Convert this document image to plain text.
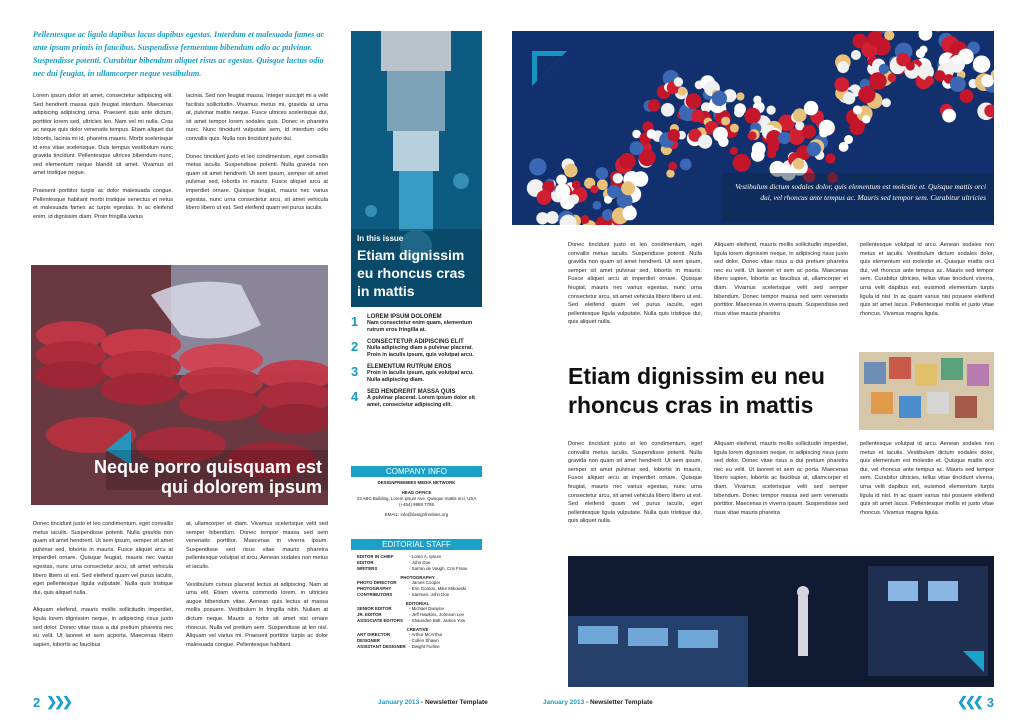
Pellentesque ac ligula dapibus lacus dapibus egestas. Interdum et malesuada fames ac ante ipsum primis in faucibus. Suspendisse fermentum bibendum odio ac pulvinar. Suspendisse potenti. Curabitur bibendum aliquet risus ac egestas. Quisque luctus odio nec dui feugiat, in ullamcorper neque vestibulum.

Lorem ipsum dolor sit amet, consectetur adipiscing elit. Sed hendrerit massa quis feugiat interdum. Maecenas adipiscing adipiscing urna. Praesent quis ante dictum, porttitor lorem sed, ultricies leo. Nam vel mi nulla. Cras ac neque quis dolor venenatis tempus. Etiam aliquet dui lobortis, lacinia mi id, pharetra mauris. Morbi scelerisque id eros vitae scelerisque. Duis tempus vestibulum nunc gravida tincidunt. Pellentesque ultrices bibendum nunc, sed elementum neque blandit sit amet. Vivamus sit amet tristique neque.

Praesent porttitor turpis ac dolor malesuada congue. Pellentesque habitant morbi tristique senectus et netus et malesuada fames ac turpis egestas. In ac eleifend enim, id dignissim diam. Proin fringilla varius

lacinia. Sed non feugiat massa. Integer suscipit mi a velit facilisis sollicitudin. Vivamus metus mi, gravida at urna at, pulvinar mattis neque. Fusce ultrices scelerisque dui, sit amet tempor lorem sodales quis. Donec in pharetra nunc. Nunc tincidunt vulputate sem, id interdum odio convallis quis. Nulla non tincidunt justo dui.

Donec tincidunt justo et leo condimentum, eget convallis metus iaculis. Suspendisse potenti. Nulla gravida non quam sit amet hendrerit. Ut sem ipsum, semper sit amet pulvinar sed, lobortis in mauris. Fusce aliquet arcu at imperdiet ornare. Quisque feugiat, mauris nec varius egestas, nunc urna consectetur arcu, sit amet vehicula libero libero ut est. Sed eleifend quam vel purus iaculis.

Neque porro quisquam est qui dolorem ipsum

Donec tincidunt justo et leo condimentum, eget convallis metus iaculis. Suspendisse potenti. Nulla gravida non quam sit amet hendrerit. Ut sem ipsum, semper sit amet pulvinar sed, lobortis in mauris. Fusce aliquet arcu at imperdiet ornare. Quisque feugiat, mauris nec varius egestas, nunc urna consectetur arcu, sit amet vehicula libero libero ut est. Sed eleifend quam vel purus iaculis, eget pellentesque ligula vulputate. Nulla quis tristique dui, quis aliquet nulla.

Aliquam eleifend, mauris mollis sollicitudin imperdiet, ligula lorem dignissim neque, in adipiscing risus justo sed dolor. Donec vitae risus a dui pretium pharetra nec eu velit. Ut laoreet et sem acporta. Maecenas libero sapien, lobortis ac faucibus

at, ullamcorper et diam. Vivamus scelerisque velit sed semper bibendum. Donec tempor massa sed sem venenatis porttitor. Maecenas in viverra ipsum. Suspendisse sed risus vitae mauris pharetra pellentesque volutpat id arcu. Aenean sodales non metus et iaculis.

Vestibulum cursus placerat lectus at adipiscing. Nam at uma elit. Etiam viverra commodo lorem, in ultricies augue bibendum vitae. Aenean quis lectus at massa mollis posuere. Vestibulum in fringilla nibh. Nullam at dictum neque. Mauris a tortor sit amet nisi ornare rhoncus. Nulla vel pretium sem. Suspendisse at leo nisl. Aliquam vel varius mi. Praesent porttitor turpis ac dolor malesuada congue. Pellentesque habitant.

In this issue
Etiam dignissim eu rhoncus cras in mattis
1	LOREM IPSUM DOLOREM
Nam consectetur enim quam, elementum rutrum eros fringilla at.
2	CONSECTETUR ADIPISCING ELIT
Nulla adipiscing diam a pulvinar placerat. Proin in iaculis ipsum, quis volutpat arcu.
3	ELEMENTUM RUTRUM EROS
Proin in iaculis ipsum, quis volutpat arcu. Nulla adipiscing diam.
4	SED HENDRERIT MASSA QUIS
A pulvinar placerat. Lorem ipsum dolor sit amet, consectetur adipiscing elit.
COMPANY INFO
DESIGNFREEBIES MEDIA NETWORK
HEAD OFFICE
23 ABC Building, Lorem ipsum Ave, Quisque mattis orci, USA (+454) 9988 7788
EMAIL: info@designfreebies.org
EDITORIAL STAFF
EDITOR IN CHIEF	- Loren A. Ipsum
EDITOR	- John Doe
WRITERS	- Sarran de Vaugh, Cris Frane
PHOTOGRAPHY
PHOTO DIRECTOR	- James Cooper
PHOTOGRAPHY	- Erin Gordon, Mike Mikowski
CONTRIBUTORS	- Sariman, John Doe
EDITORIAL
SENIOR EDITOR	- Michael Dwayne
JR. EDITOR	- Jeff Hawkins, Johnson Lee
ASSOCIATE EDITORS	- Shaundee Balt, James Yow
CREATIVE
ART DIRECTOR	- Arthur McArthur
DESIGNER	- Collen Shawn
ASSISTANT DESIGNER - Dwight Furline
Vestibulum dictum sodales dolor, quis elementum est molestie et. Quisque mattis orci dui, vel rhoncus ante tempus ac. Mauris sed tempor sem. Curabitur ultricies

Donec tincidunt justo et leo condimentum, eget convallis metus iaculis. Suspendisse potenti. Nulla gravida non quam sit amet hendrerit. Ut sem ipsum, semper sit amet pulvinar sed, lobortis in mauris. Fusce aliquet arcu at imperdiet ornare. Quisque feugiat, mauris nec varius egestas, nunc urna consectetur arcu, sit amet vehicula libero libero ut est. Sed eleifend quam vel purus iaculis, eget pellentesque ligula vulputate. Nulla quis tristique dui, quis aliquet nulla.

Aliquam eleifend, mauris mollis sollicitudin imperdiet, ligula lorem dignissim neque, in adipiscing risus justo sed dolor. Donec vitae risus a dui pretium pharetra nec eu velit. Ut laoreet et sem ac porta. Maecenas libero sapien, lobortis ac faucibus at, ullamcorper et diam. Vivamus scelerisque velit sed semper bibendum. Donec tempor massa sed sem venenatis porttitor. Maecenas in viverra ipsum. Suspendisse sed risus vitae mauris pharetra

pellentesque volutpat id arcu. Aenean sodales non metus et iaculis. Vestibulum dictum sodales dolor, quis elementum est molestie et. Quisque mattis orci dui, vel rhoncus ante tempus ac. Mauris sed tempor sem. Curabitur ultricies, tellus vitae tincidunt viverra, urna velit dapibus est, euismod elementum turpis ligula id nisl. In ac quam varius nisi posuere eleifend quis sit amet lacus. Pellentesque mollis et justo vitae rhoncus. Vivamus magna ligula.

Etiam dignissim eu neu rhoncus cras in mattis

Donec tincidunt justo et leo condimentum, eget convallis metus iaculis. Suspendisse potenti. Nulla gravida non quam sit amet hendrerit. Ut sem ipsum, semper sit amet pulvinar sed, lobortis in mauris. Fusce aliquet arcu at imperdiet ornare. Quisque feugiat, mauris nec varius egestas, nunc urna consectetur arcu, sit amet vehicula libero libero ut est. Sed eleifend quam vel purus iaculis, eget pellentesque ligula vulputate. Nulla quis tristique dui, quis aliquet nulla.

Aliquam eleifend, mauris mollis sollicitudin imperdiet, ligula lorem dignissim neque, in adipiscing risus justo sed dolor. Donec vitae risus a dui pretium pharetra nec eu velit. Ut laoreet et sem ac porta. Maecenas libero sapien, lobortis ac faucibus at, ullamcorper et diam. Vivamus scelerisque velit sed semper bibendum. Donec tempor massa sed sem venenatis porttitor. Maecenas in viverra ipsum. Suspendisse sed risus vitae mauris pharetra

pellentesque volutpat id arcu. Aenean sodales non metus et iaculis. Vestibulum dictum sodales dolor, quis elementum est molestie et. Quisque mattis orci dui, vel rhoncus ante tempus ac. Mauris sed tempor sem. Curabitur ultricies, tellus vitae tincidunt viverra, urna velit dapibus est, euismod elementum turpis ligula id nisl. In ac quam varius nisi posuere eleifend quis sit amet lacus. Pellentesque mollis et justo vitae rhoncus. Vivamus magna ligula.

2 ❯❯❯	January 2013 - Newsletter Template	January 2013 - Newsletter Template	❮❮❮ 3
